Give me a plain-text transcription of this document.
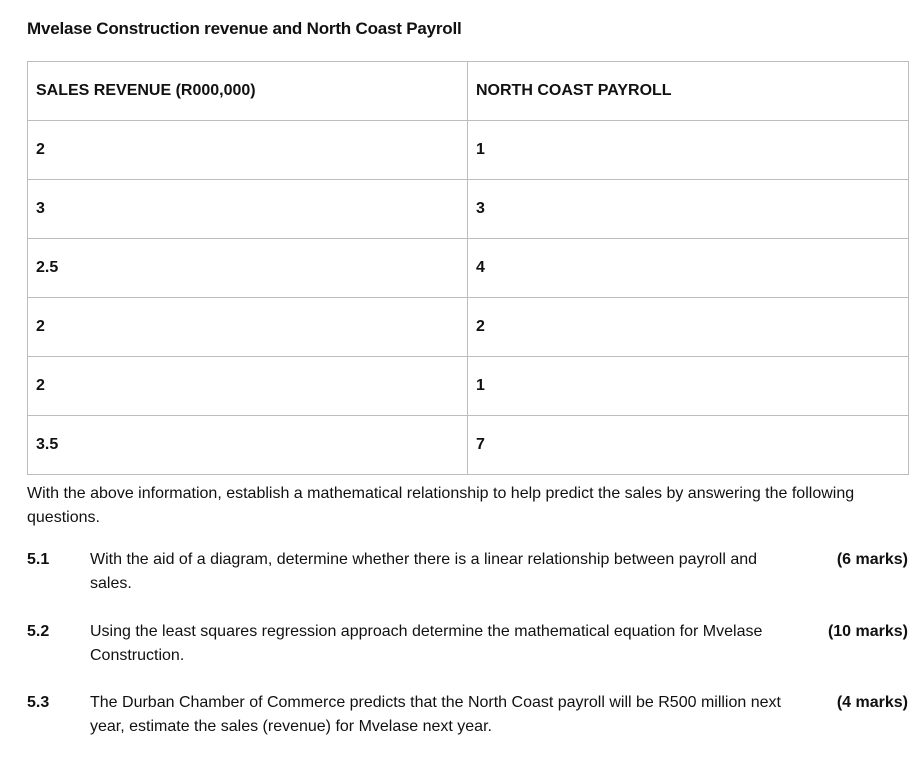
Mvelase Construction revenue and North Coast Payroll
SALES REVENUE (R000,000)	NORTH COAST PAYROLL
2	1
3	3
2.5	4
2	2
2	1
3.5	7
With the above information, establish a mathematical relationship to help predict the sales by answering the following questions.
5.1	With the aid of a diagram, determine whether there is a linear relationship between payroll and sales.
(6 marks)
5.2	Using the least squares regression approach determine the mathematical equation for Mvelase Construction.
(10 marks)
5.3	The Durban Chamber of Commerce predicts that the North Coast payroll will be R500 million next year, estimate the sales (revenue) for Mvelase next year.
(4 marks)
